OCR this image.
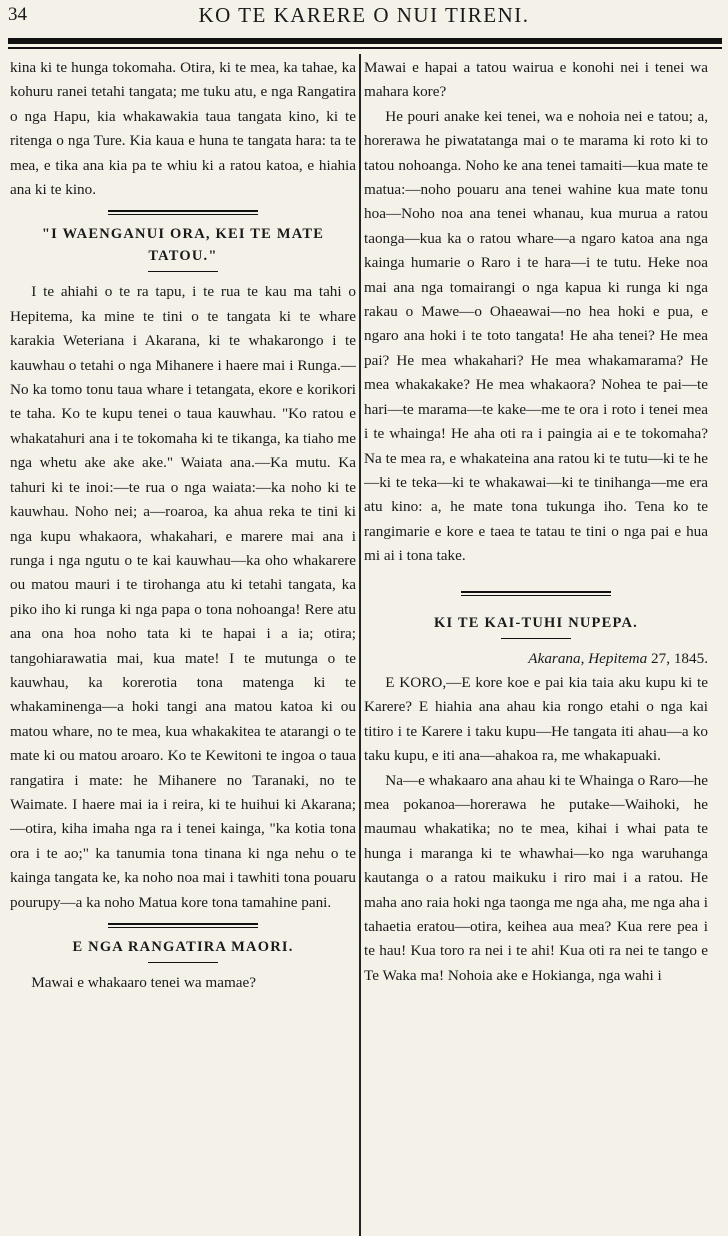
34	KO TE KARERE O NUI TIRENI.

kina ki te hunga tokomaha. Otira, ki te mea, ka tahae, ka kohuru ranei tetahi tangata; me tuku atu, e nga Rangatira o nga Hapu, kia whakawakia taua tangata kino, ki te ritenga o nga Ture. Kia kaua e huna te tangata hara: ta te mea, e tika ana kia pa te whiu ki a ratou katoa, e hiahia ana ki te kino.

"I WAENGANUI ORA, KEI TE MATE TATOU."

I te ahiahi o te ra tapu, i te rua te kau ma tahi o Hepitema, ka mine te tini o te tangata ki te whare karakia Weteriana i Akarana, ki te whakarongo i te kauwhau o tetahi o nga Mihanere i haere mai i Runga.—No ka tomo tonu taua whare i tetangata, ekore e korikori te taha. Ko te kupu tenei o taua kauwhau. "Ko ratou e whakatahuri ana i te tokomaha ki te tikanga, ka tiaho me nga whetu ake ake ake." Waiata ana.—Ka mutu. Ka tahuri ki te inoi:—te rua o nga waiata:—ka noho ki te kauwhau. Noho nei; a—roaroa, ka ahua reka te tini ki nga kupu whakaora, whakahari, e marere mai ana i runga i nga ngutu o te kai kauwhau—ka oho whakarere ou matou mauri i te tirohanga atu ki tetahi tangata, ka piko iho ki runga ki nga papa o tona nohoanga! Rere atu ana ona hoa noho tata ki te hapai i a ia; otira; tangohiarawatia mai, kua mate! I te mutunga o te kauwhau, ka korerotia tona matenga ki te whakaminenga—a hoki tangi ana matou katoa ki ou matou whare, no te mea, kua whakakitea te atarangi o te mate ki ou matou aroaro. Ko te Kewitoni te ingoa o taua rangatira i mate: he Mihanere no Taranaki, no te Waimate. I haere mai ia i reira, ki te huihui ki Akarana;—otira, kiha imaha nga ra i tenei kainga, "ka kotia tona ora i te ao;" ka tanumia tona tinana ki nga nehu o te kainga tangata ke, ka noho noa mai i tawhiti tona pouaru pouruру—a ka noho Matua kore tona tamahine pani.

E NGA RANGATIRA MAORI.

Mawai e whakaaro tenei wa mamae?

Mawai e hapai a tatou wairua e konohi nei i tenei wa mahara kore?

He pouri anake kei tenei, wa e nohoia nei e tatou; a, horerawa he piwatatanga mai o te marama ki roto ki to tatou nohoanga. Noho ke ana tenei tamaiti—kua mate te matua:—noho pouaru ana tenei wahine kua mate tonu hoa—Noho noa ana tenei whanau, kua murua a ratou taonga—kua ka o ratou whare—a ngaro katoa ana nga kainga humarie o Raro i te hara—i te tutu. Heke noa mai ana nga tomairangi o nga kapua ki runga ki nga rakau o Mawe—o Ohaeawai—no hea hoki e pua, e ngaro ana hoki i te toto tangata! He aha tenei? He mea pai? He mea whakahari? He mea whakamarama? He mea whakakake? He mea whakaora? Nohea te pai—te hari—te marama—te kake—me te ora i roto i tenei mea i te whainga! He aha oti ra i paingia ai e te tokomaha? Na te mea ra, e whakateina ana ratou ki te tutu—ki te he—ki te teka—ki te whakawai—ki te tinihanga—me era atu kino: a, he mate tona tukunga iho. Tena ko te rangimarie e kore e taea te tatau te tini o nga pai e hua mi ai i tona take.

KI TE KAI-TUHI NUPEPA.

Akarana, Hepitema 27, 1845.

E KORO,—E kore koe e pai kia taia aku kupu ki te Karere? E hiahia ana ahau kia rongo etahi o nga kai titiro i te Karere i taku kupu—He tangata iti ahau—a ko taku kupu, e iti ana—ahakoa ra, me whakapuaki.

Na—e whakaaro ana ahau ki te Whainga o Raro—he mea pokanoa—horerawa he putake—Waihoki, he maumau whakatika; no te mea, kihai i whai pata te hunga i maranga ki te whawhai—ko nga waruhanga kautanga o a ratou maikuku i riro mai i a ratou. He maha ano raia hoki nga taonga me nga aha, me nga aha i tahaetia eratou—otira, keihea aua mea? Kua rere pea i te hau! Kua toro ra nei i te ahi! Kua oti ra nei te tango e Te Waka ma! Nohoia ake e Hokianga, nga wahi i
